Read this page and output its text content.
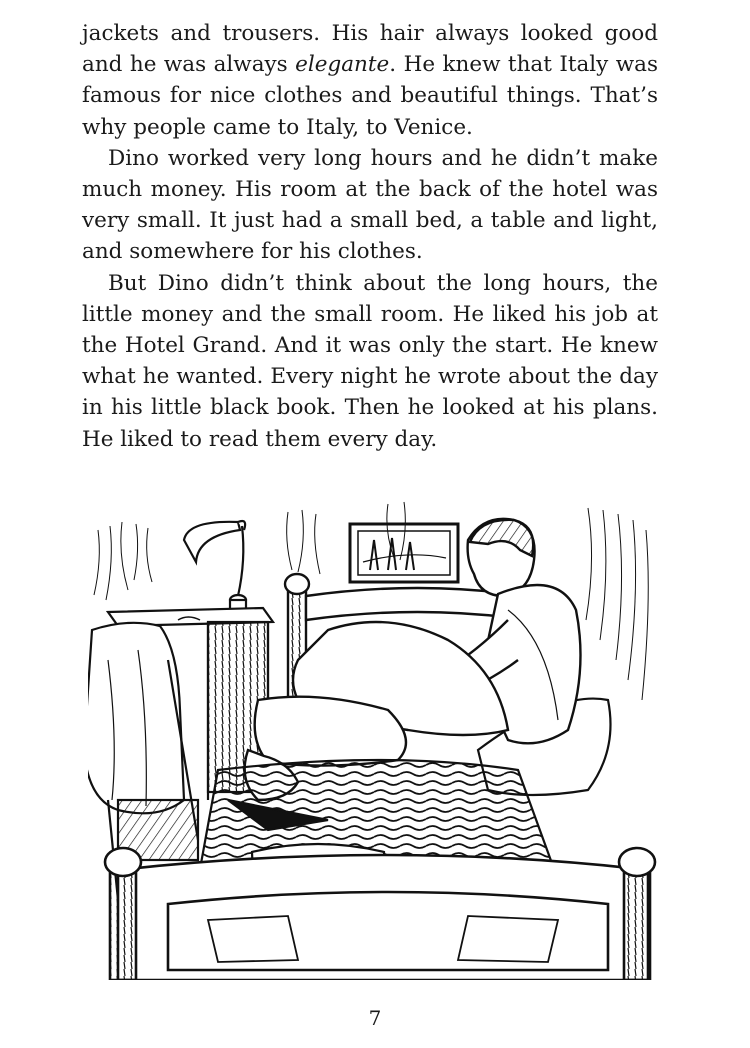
jackets and trousers. His hair always looked good and he was always elegante. He knew that Italy was famous for nice clothes and beautiful things. That’s why people came to Italy, to Venice.

Dino worked very long hours and he didn’t make much money. His room at the back of the hotel was very small. It just had a small bed, a table and light, and somewhere for his clothes.

But Dino didn’t think about the long hours, the little money and the small room. He liked his job at the Hotel Grand. And it was only the start. He knew what he wanted. Every night he wrote about the day in his little black book. Then he looked at his plans. He liked to read them every day.

7
